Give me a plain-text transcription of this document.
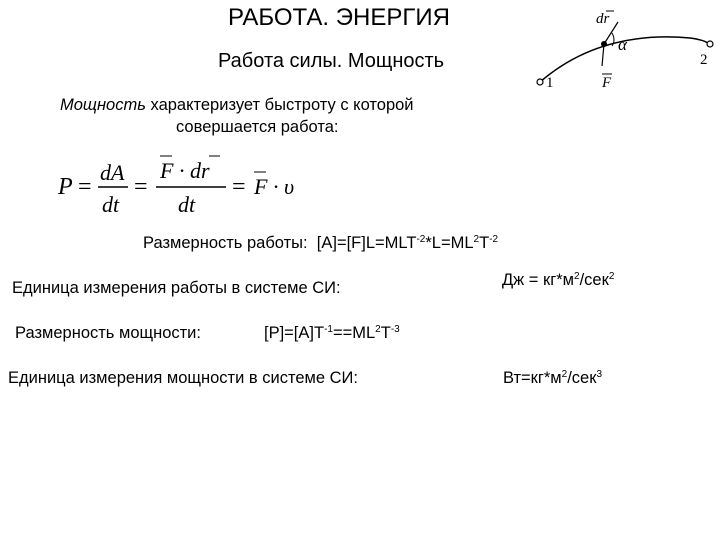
РАБОТА. ЭНЕРГИЯ
Работа силы. Мощность
dr
α
F
1
2
Мощность характеризует быстроту с которой
совершается работа:
P =
dA
dt
=
F · dr
dt
= F · υ
Размерность работы: $[A]=[F]L=MLT^{-2}*L=ML^2T^{-2}$
Единица измерения работы в системе СИ:	Дж = $кг*м^2/сек^2$
Размерность мощности:	$[P]=[A]T^{-1}==ML^2T^{-3}$
Единица измерения мощности в системе СИ:	$Вт=кг*м^2/сек^3$
